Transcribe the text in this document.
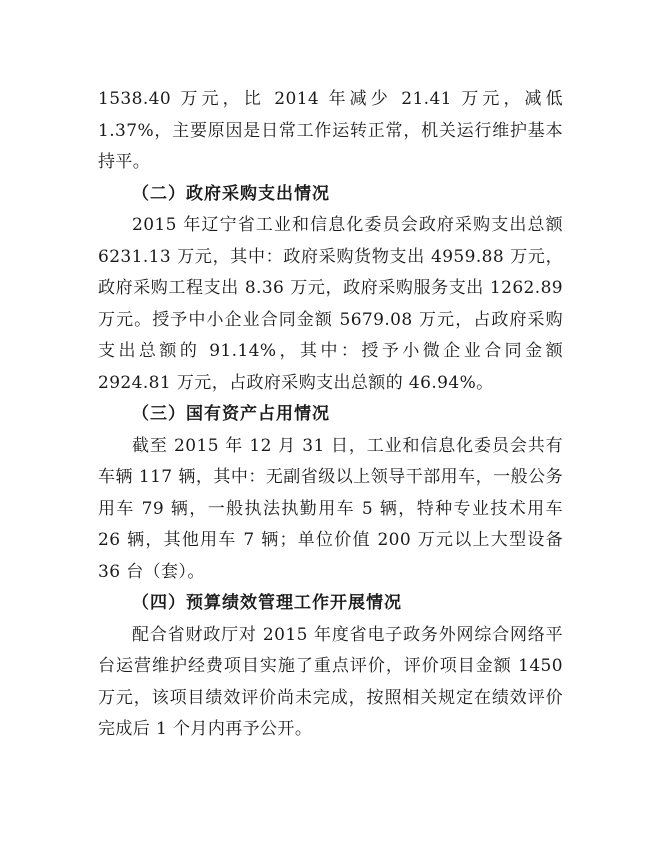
1538.40 万元，比 2014 年减少 21.41 万元，减低 1.37%，主要原因是日常工作运转正常，机关运行维护基本持平。

（二）政府采购支出情况

2015 年辽宁省工业和信息化委员会政府采购支出总额 6231.13 万元，其中：政府采购货物支出 4959.88 万元，政府采购工程支出 8.36 万元，政府采购服务支出 1262.89 万元。授予中小企业合同金额 5679.08 万元，占政府采购支出总额的 91.14%，其中：授予小微企业合同金额 2924.81 万元，占政府采购支出总额的 46.94%。

（三）国有资产占用情况

截至 2015 年 12 月 31 日，工业和信息化委员会共有车辆 117 辆，其中：无副省级以上领导干部用车，一般公务用车 79 辆，一般执法执勤用车 5 辆，特种专业技术用车 26 辆，其他用车 7 辆；单位价值 200 万元以上大型设备 36 台（套）。

（四）预算绩效管理工作开展情况

配合省财政厅对 2015 年度省电子政务外网综合网络平台运营维护经费项目实施了重点评价，评价项目金额 1450 万元，该项目绩效评价尚未完成，按照相关规定在绩效评价完成后 1 个月内再予公开。
